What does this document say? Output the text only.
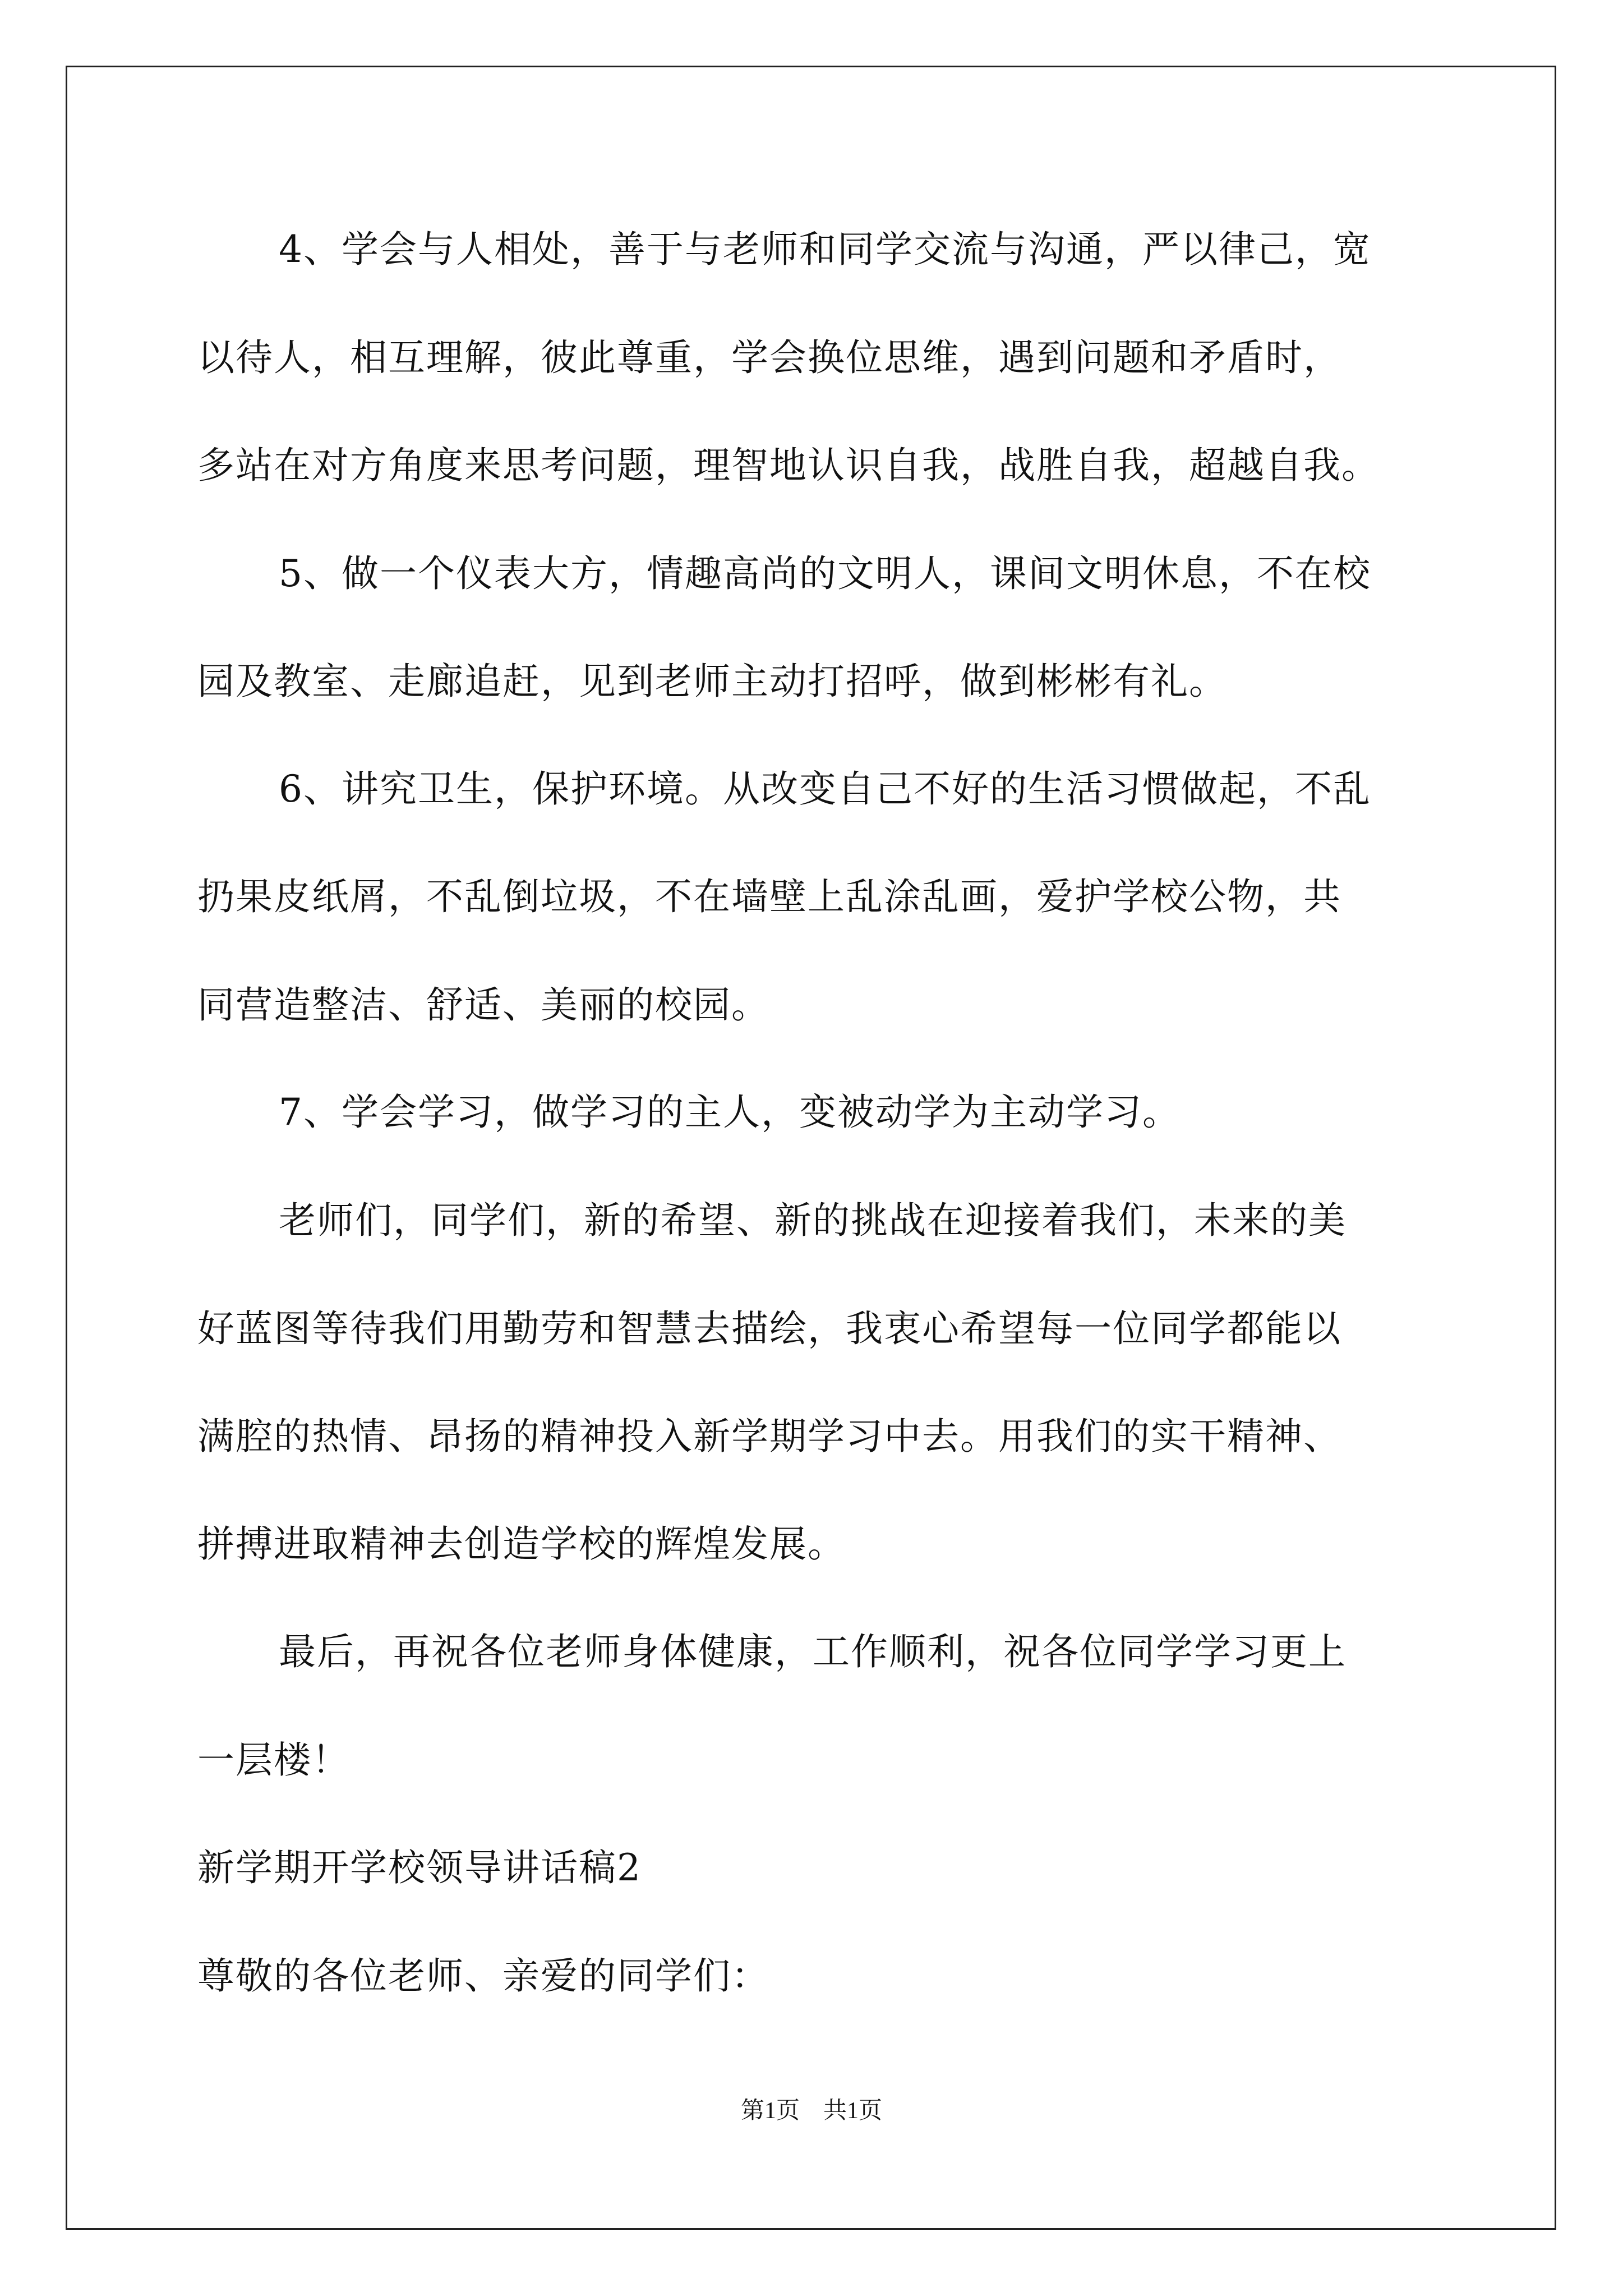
4、学会与人相处，善于与老师和同学交流与沟通，严以律己，宽
以待人，相互理解，彼此尊重，学会换位思维，遇到问题和矛盾时，
多站在对方角度来思考问题，理智地认识自我，战胜自我，超越自我。
5、做一个仪表大方，情趣高尚的文明人，课间文明休息，不在校
园及教室、走廊追赶，见到老师主动打招呼，做到彬彬有礼。
6、讲究卫生，保护环境。从改变自己不好的生活习惯做起，不乱
扔果皮纸屑，不乱倒垃圾，不在墙壁上乱涂乱画，爱护学校公物，共
同营造整洁、舒适、美丽的校园。
7、学会学习，做学习的主人，变被动学为主动学习。
老师们，同学们，新的希望、新的挑战在迎接着我们，未来的美
好蓝图等待我们用勤劳和智慧去描绘，我衷心希望每一位同学都能以
满腔的热情、昂扬的精神投入新学期学习中去。用我们的实干精神、
拼搏进取精神去创造学校的辉煌发展。
最后，再祝各位老师身体健康，工作顺利，祝各位同学学习更上
一层楼！
新学期开学校领导讲话稿2
尊敬的各位老师、亲爱的同学们：
第1页　共1页
